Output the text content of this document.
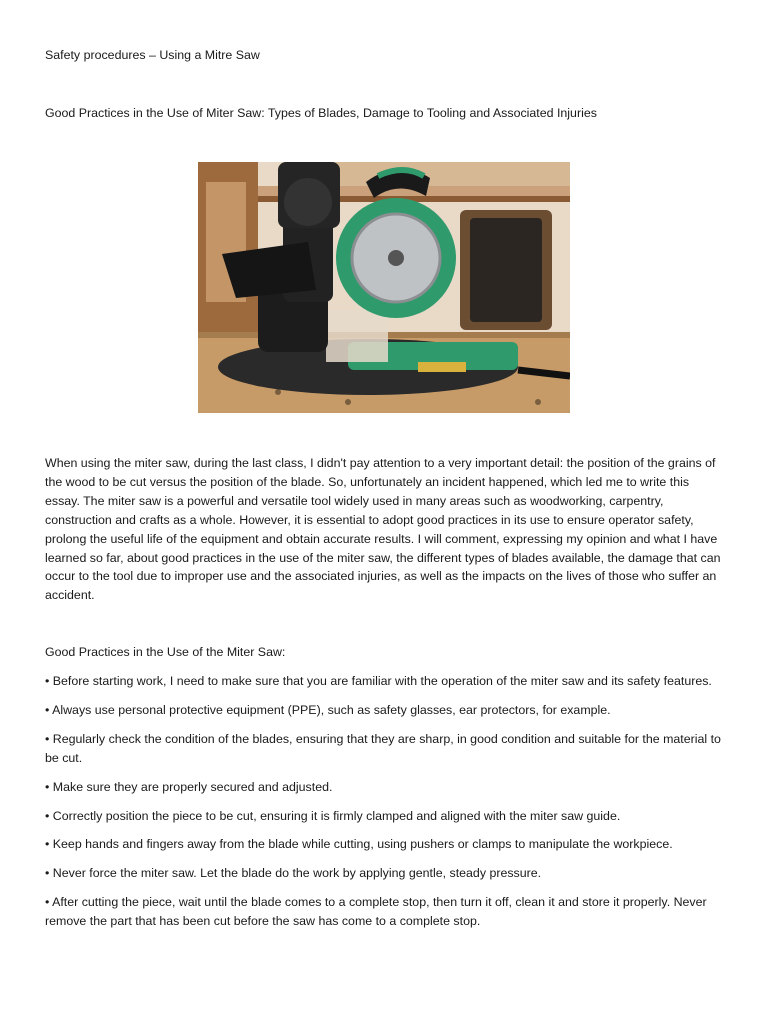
Safety procedures – Using a Mitre Saw

Good Practices in the Use of Miter Saw: Types of Blades, Damage to Tooling and Associated Injuries

When using the miter saw, during the last class, I didn't pay attention to a very important detail: the position of the grains of the wood to be cut versus the position of the blade. So, unfortunately an incident happened, which led me to write this essay. The miter saw is a powerful and versatile tool widely used in many areas such as woodworking, carpentry, construction and crafts as a whole. However, it is essential to adopt good practices in its use to ensure operator safety, prolong the useful life of the equipment and obtain accurate results. I will comment, expressing my opinion and what I have learned so far, about good practices in the use of the miter saw, the different types of blades available, the damage that can occur to the tool due to improper use and the associated injuries, as well as the impacts on the lives of those who suffer an accident.

Good Practices in the Use of the Miter Saw:

• Before starting work, I need to make sure that you are familiar with the operation of the miter saw and its safety features.
• Always use personal protective equipment (PPE), such as safety glasses, ear protectors, for example.
• Regularly check the condition of the blades, ensuring that they are sharp, in good condition and suitable for the material to be cut.
• Make sure they are properly secured and adjusted.
• Correctly position the piece to be cut, ensuring it is firmly clamped and aligned with the miter saw guide.
• Keep hands and fingers away from the blade while cutting, using pushers or clamps to manipulate the workpiece.
• Never force the miter saw. Let the blade do the work by applying gentle, steady pressure.
• After cutting the piece, wait until the blade comes to a complete stop, then turn it off, clean it and store it properly. Never remove the part that has been cut before the saw has come to a complete stop.
